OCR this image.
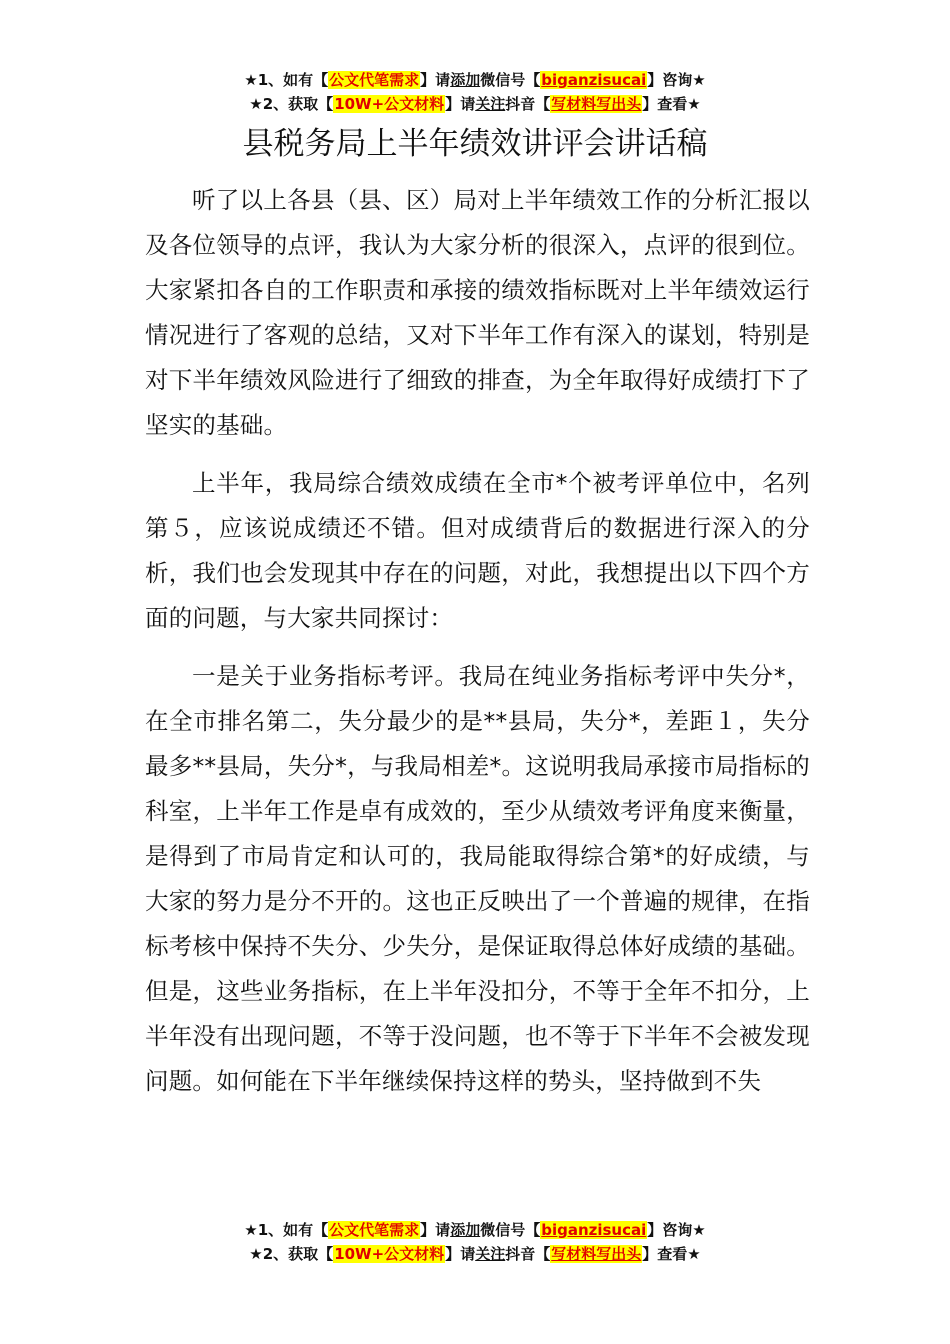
★1、如有【公文代笔需求】请添加微信号【biganzisucai】咨询★
★2、获取【10W+公文材料】请关注抖音【写材料写出头】查看★
县税务局上半年绩效讲评会讲话稿

听了以上各县（县、区）局对上半年绩效工作的分析汇报以及各位领导的点评，我认为大家分析的很深入，点评的很到位。大家紧扣各自的工作职责和承接的绩效指标既对上半年绩效运行情况进行了客观的总结，又对下半年工作有深入的谋划，特别是对下半年绩效风险进行了细致的排查，为全年取得好成绩打下了坚实的基础。

上半年，我局综合绩效成绩在全市*个被考评单位中，名列第５，应该说成绩还不错。但对成绩背后的数据进行深入的分析，我们也会发现其中存在的问题，对此，我想提出以下四个方面的问题，与大家共同探讨：

一是关于业务指标考评。我局在纯业务指标考评中失分*，在全市排名第二，失分最少的是**县局，失分*，差距１，失分最多**县局，失分*，与我局相差*。这说明我局承接市局指标的科室，上半年工作是卓有成效的，至少从绩效考评角度来衡量，是得到了市局肯定和认可的，我局能取得综合第*的好成绩，与大家的努力是分不开的。这也正反映出了一个普遍的规律，在指标考核中保持不失分、少失分，是保证取得总体好成绩的基础。但是，这些业务指标，在上半年没扣分，不等于全年不扣分，上半年没有出现问题，不等于没问题，也不等于下半年不会被发现问题。如何能在下半年继续保持这样的势头，坚持做到不失

★1、如有【公文代笔需求】请添加微信号【biganzisucai】咨询★
★2、获取【10W+公文材料】请关注抖音【写材料写出头】查看★
